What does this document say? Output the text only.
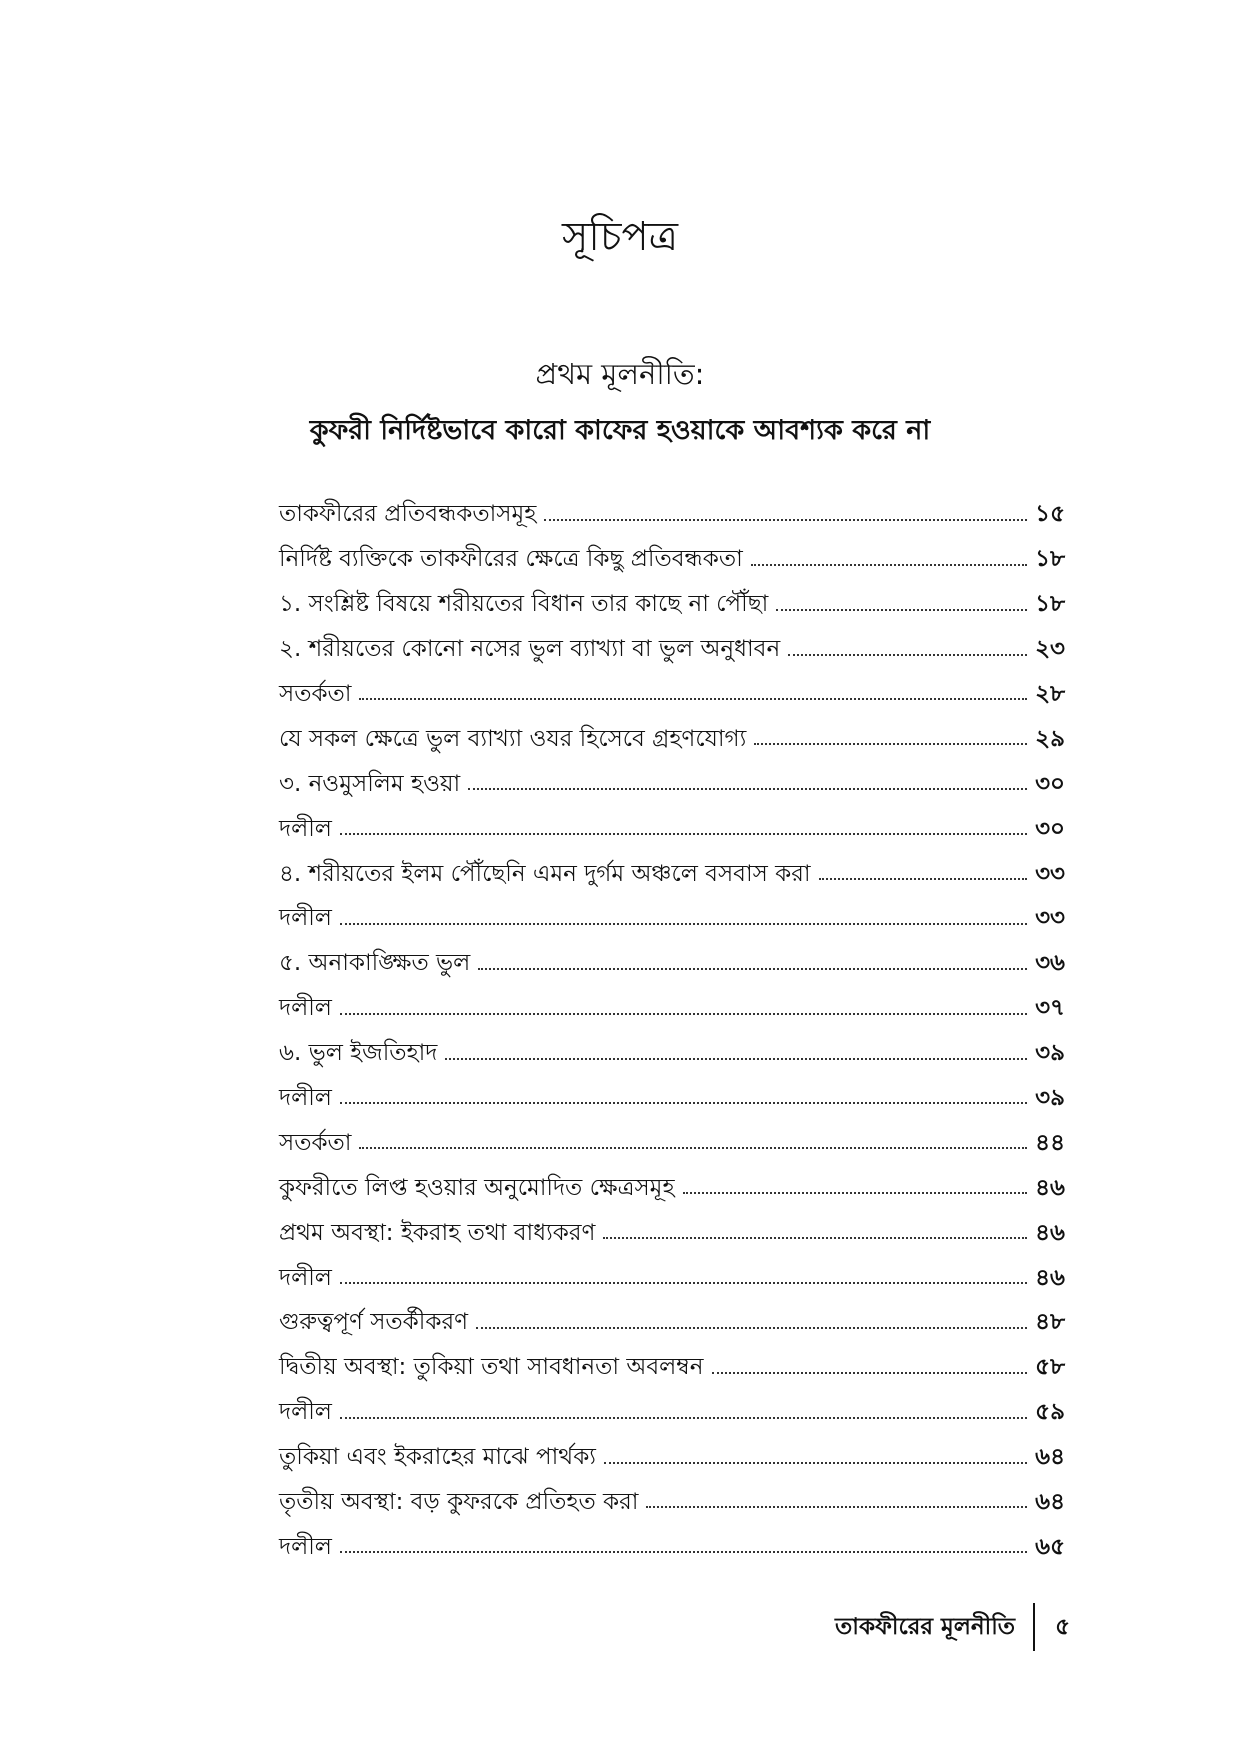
সূচিপত্র
প্রথম মূলনীতি:
কুফরী নির্দিষ্টভাবে কারো কাফের হওয়াকে আবশ্যক করে না
তাকফীরের প্রতিবন্ধকতাসমূহ	১৫
নির্দিষ্ট ব্যক্তিকে তাকফীরের ক্ষেত্রে কিছু প্রতিবন্ধকতা	১৮
১. সংশ্লিষ্ট বিষয়ে শরীয়তের বিধান তার কাছে না পৌঁছা	১৮
২. শরীয়তের কোনো নসের ভুল ব্যাখ্যা বা ভুল অনুধাবন	২৩
সতর্কতা	২৮
যে সকল ক্ষেত্রে ভুল ব্যাখ্যা ওযর হিসেবে গ্রহণযোগ্য	২৯
৩. নওমুসলিম হওয়া	৩০
দলীল	৩০
৪. শরীয়তের ইলম পৌঁছেনি এমন দুর্গম অঞ্চলে বসবাস করা	৩৩
দলীল	৩৩
৫. অনাকাঙ্ক্ষিত ভুল	৩৬
দলীল	৩৭
৬. ভুল ইজতিহাদ	৩৯
দলীল	৩৯
সতর্কতা	৪৪
কুফরীতে লিপ্ত হওয়ার অনুমোদিত ক্ষেত্রসমূহ	৪৬
প্রথম অবস্থা: ইকরাহ তথা বাধ্যকরণ	৪৬
দলীল	৪৬
গুরুত্বপূর্ণ সতর্কীকরণ	৪৮
দ্বিতীয় অবস্থা: তুকিয়া তথা সাবধানতা অবলম্বন	৫৮
দলীল	৫৯
তুকিয়া এবং ইকরাহের মাঝে পার্থক্য	৬৪
তৃতীয় অবস্থা: বড় কুফরকে প্রতিহত করা	৬৪
দলীল	৬৫
তাকফীরের মূলনীতি ৫
